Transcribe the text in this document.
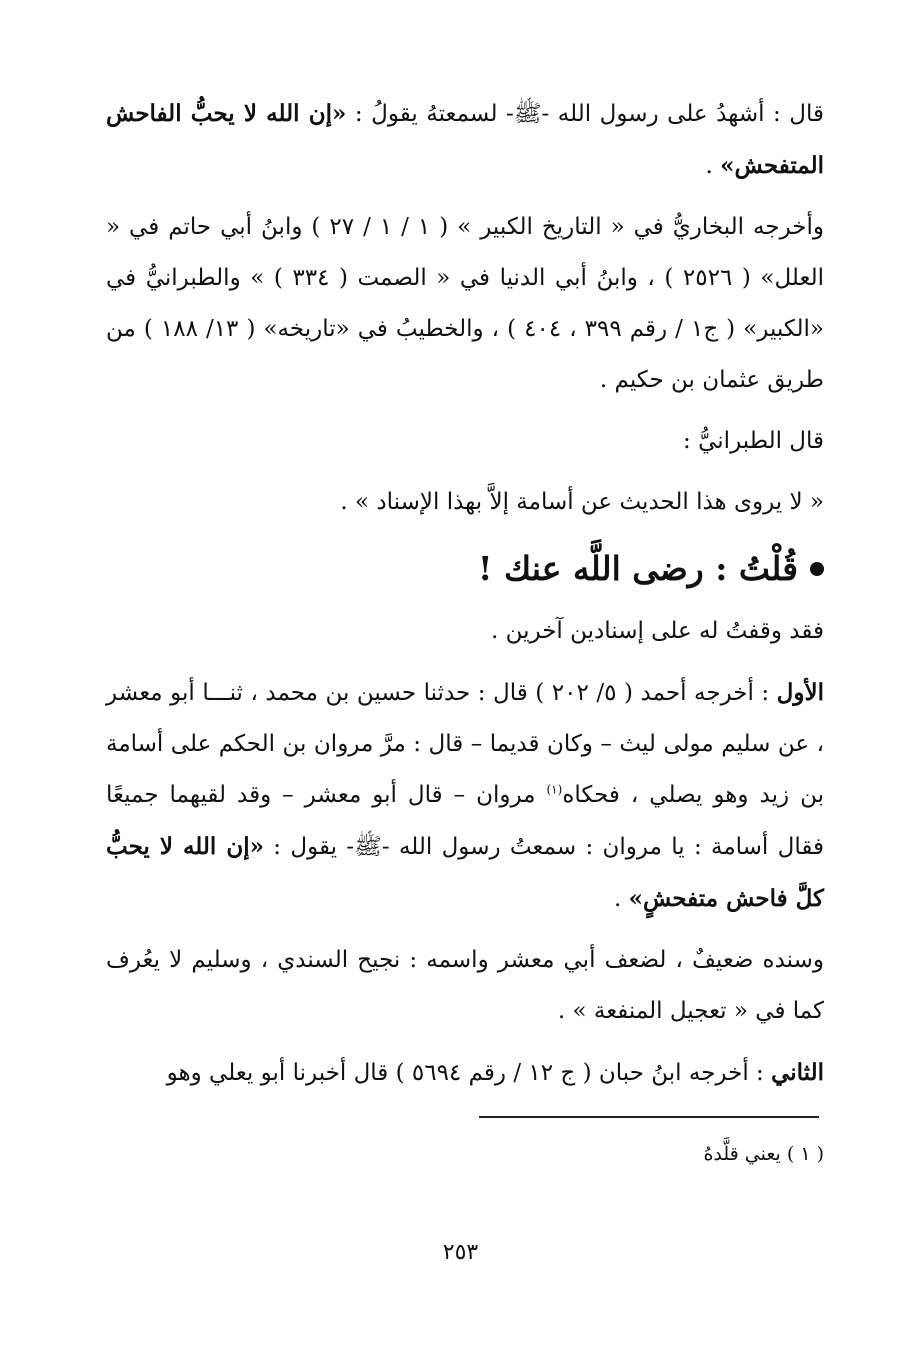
قال : أشهدُ على رسول الله -ﷺ- لسمعتهُ يقولُ : «إن الله لا يحبُّ الفاحش المتفحش» .

وأخرجه البخاريُّ في « التاريخ الكبير » ( ١ / ١ / ٢٧ ) وابنُ أبي حاتم في « العلل» ( ٢٥٢٦ ) ، وابنُ أبي الدنيا في « الصمت ( ٣٣٤ ) » والطبرانيُّ في «الكبير» ( ج١ / رقم ٣٩٩ ، ٤٠٤ ) ، والخطيبُ في «تاريخه» ( ١٣/ ١٨٨ ) من طريق عثمان بن حكيم .

قال الطبرانيُّ :

« لا يروى هذا الحديث عن أسامة إلاَّ بهذا الإسناد » .

قُلْتُ : رضى اللَّه عنك !

فقد وقفتُ له على إسنادين آخرين .

الأول : أخرجه أحمد ( ٥/ ٢٠٢ ) قال : حدثنا حسين بن محمد ، ثنـــا أبو معشر ، عن سليم مولى ليث – وكان قديما – قال : مرَّ مروان بن الحكم على أسامة بن زيد وهو يصلي ، فحكاه$^{(١)}$ مروان – قال أبو معشر – وقد لقيهما جميعًا فقال أسامة : يا مروان : سمعتُ رسول الله -ﷺ- يقول : «إن الله لا يحبُّ كلَّ فاحش متفحشٍ» .

وسنده ضعيفٌ ، لضعف أبي معشر واسمه : نجيح السندي ، وسليم لا يعُرف كما في « تعجيل المنفعة » .

الثاني : أخرجه ابنُ حبان ( ج ١٢ / رقم ٥٦٩٤ ) قال أخبرنا أبو يعلي وهو

( ١ ) يعني قلَّدهُ
٢٥٣
